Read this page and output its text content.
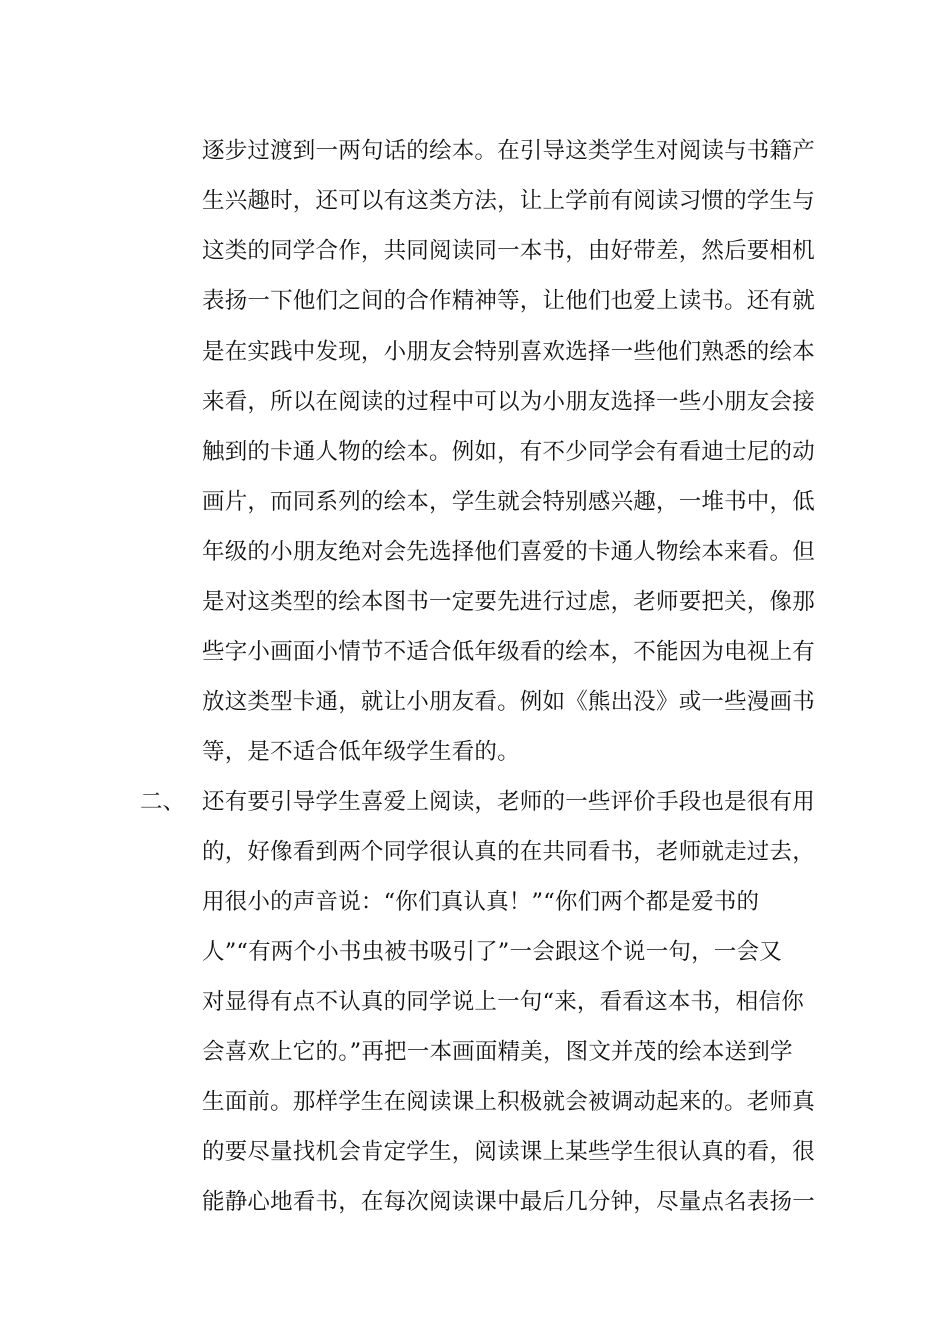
逐步过渡到一两句话的绘本。在引导这类学生对阅读与书籍产
生兴趣时，还可以有这类方法，让上学前有阅读习惯的学生与
这类的同学合作，共同阅读同一本书，由好带差，然后要相机
表扬一下他们之间的合作精神等，让他们也爱上读书。还有就
是在实践中发现，小朋友会特别喜欢选择一些他们熟悉的绘本
来看，所以在阅读的过程中可以为小朋友选择一些小朋友会接
触到的卡通人物的绘本。例如，有不少同学会有看迪士尼的动
画片，而同系列的绘本，学生就会特别感兴趣，一堆书中，低
年级的小朋友绝对会先选择他们喜爱的卡通人物绘本来看。但
是对这类型的绘本图书一定要先进行过虑，老师要把关，像那
些字小画面小情节不适合低年级看的绘本，不能因为电视上有
放这类型卡通，就让小朋友看。例如《熊出没》或一些漫画书
等，是不适合低年级学生看的。
二、 还有要引导学生喜爱上阅读，老师的一些评价手段也是很有用
的，好像看到两个同学很认真的在共同看书，老师就走过去，
用很小的声音说：“你们真认真！”“你们两个都是爱书的
人”“有两个小书虫被书吸引了”一会跟这个说一句，一会又
对显得有点不认真的同学说上一句“来，看看这本书，相信你
会喜欢上它的。”再把一本画面精美，图文并茂的绘本送到学
生面前。那样学生在阅读课上积极就会被调动起来的。老师真
的要尽量找机会肯定学生，阅读课上某些学生很认真的看，很
能静心地看书，在每次阅读课中最后几分钟，尽量点名表扬一
